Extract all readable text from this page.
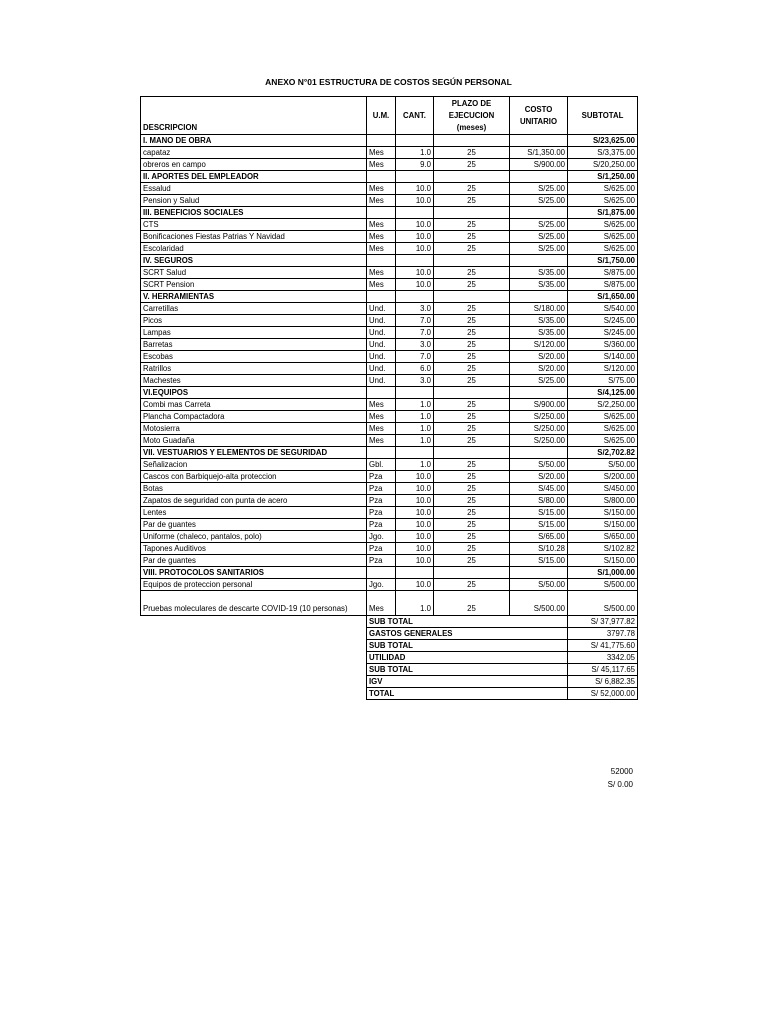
ANEXO N°01 ESTRUCTURA DE COSTOS SEGÚN PERSONAL
DESCRIPCION	U.M.	CANT.	PLAZO DE EJECUCION (meses)	COSTO UNITARIO	SUBTOTAL
I. MANO DE OBRA					S/23,625.00
capataz	Mes	1.0	25	S/1,350.00	S/3,375.00
obreros en campo	Mes	9.0	25	S/900.00	S/20,250.00
II. APORTES DEL EMPLEADOR					S/1,250.00
Essalud	Mes	10.0	25	S/25.00	S/625.00
Pension y Salud	Mes	10.0	25	S/25.00	S/625.00
III. BENEFICIOS SOCIALES					S/1,875.00
CTS	Mes	10.0	25	S/25.00	S/625.00
Bonificaciones Fiestas Patrias Y Navidad	Mes	10.0	25	S/25.00	S/625.00
Escolaridad	Mes	10.0	25	S/25.00	S/625.00
IV. SEGUROS					S/1,750.00
SCRT Salud	Mes	10.0	25	S/35.00	S/875.00
SCRT Pension	Mes	10.0	25	S/35.00	S/875.00
V. HERRAMIENTAS					S/1,650.00
Carretillas	Und.	3.0	25	S/180.00	S/540.00
Picos	Und.	7.0	25	S/35.00	S/245.00
Lampas	Und.	7.0	25	S/35.00	S/245.00
Barretas	Und.	3.0	25	S/120.00	S/360.00
Escobas	Und.	7.0	25	S/20.00	S/140.00
Ratrillos	Und.	6.0	25	S/20.00	S/120.00
Machestes	Und.	3.0	25	S/25.00	S/75.00
VI.EQUIPOS					S/4,125.00
Combi mas Carreta	Mes	1.0	25	S/900.00	S/2,250.00
Plancha Compactadora	Mes	1.0	25	S/250.00	S/625.00
Motosierra	Mes	1.0	25	S/250.00	S/625.00
Moto Guadaña	Mes	1.0	25	S/250.00	S/625.00
VII. VESTUARIOS Y ELEMENTOS DE SEGURIDAD					S/2,702.82
Señalizacion	Gbl.	1.0	25	S/50.00	S/50.00
Cascos con Barbiquejo-alta proteccion	Pza	10.0	25	S/20.00	S/200.00
Botas	Pza	10.0	25	S/45.00	S/450.00
Zapatos de seguridad con punta de acero	Pza	10.0	25	S/80.00	S/800.00
Lentes	Pza	10.0	25	S/15.00	S/150.00
Par de guantes	Pza	10.0	25	S/15.00	S/150.00
Uniforme (chaleco, pantalos, polo)	Jgo.	10.0	25	S/65.00	S/650.00
Tapones Auditivos	Pza	10.0	25	S/10.28	S/102.82
Par de guantes	Pza	10.0	25	S/15.00	S/150.00
VIII. PROTOCOLOS SANITARIOS					S/1,000.00
Equipos de proteccion personal	Jgo.	10.0	25	S/50.00	S/500.00
Pruebas moleculares de descarte COVID-19 (10 personas)	Mes	1.0	25	S/500.00	S/500.00
	SUB TOTAL				S/ 37,977.82
	GASTOS GENERALES				3797.78
	SUB TOTAL				S/ 41,775.60
	UTILIDAD				3342.05
	SUB TOTAL				S/ 45,117.65
	IGV				S/ 6,882.35
	TOTAL				S/ 52,000.00
52000
S/ 0.00
